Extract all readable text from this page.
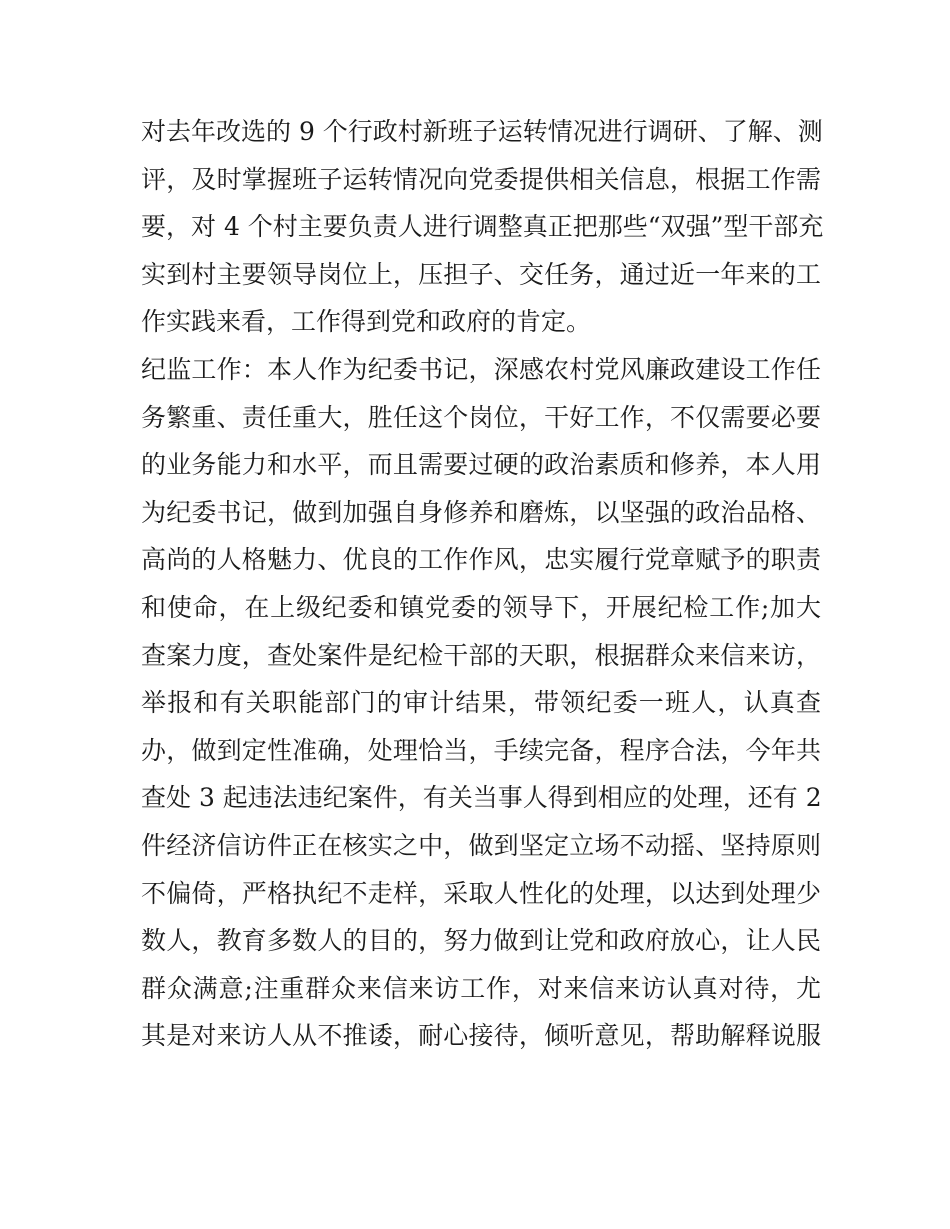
对去年改选的 9 个行政村新班子运转情况进行调研、了解、测
评，及时掌握班子运转情况向党委提供相关信息，根据工作需
要，对 4 个村主要负责人进行调整真正把那些“双强”型干部充
实到村主要领导岗位上，压担子、交任务，通过近一年来的工
作实践来看，工作得到党和政府的肯定。
纪监工作：本人作为纪委书记，深感农村党风廉政建设工作任
务繁重、责任重大，胜任这个岗位，干好工作，不仅需要必要
的业务能力和水平，而且需要过硬的政治素质和修养，本人用
为纪委书记，做到加强自身修养和磨炼，以坚强的政治品格、
高尚的人格魅力、优良的工作作风，忠实履行党章赋予的职责
和使命，在上级纪委和镇党委的领导下，开展纪检工作;加大
查案力度，查处案件是纪检干部的天职，根据群众来信来访，
举报和有关职能部门的审计结果，带领纪委一班人，认真查
办，做到定性准确，处理恰当，手续完备，程序合法，今年共
查处 3 起违法违纪案件，有关当事人得到相应的处理，还有 2
件经济信访件正在核实之中，做到坚定立场不动摇、坚持原则
不偏倚，严格执纪不走样，采取人性化的处理，以达到处理少
数人，教育多数人的目的，努力做到让党和政府放心，让人民
群众满意;注重群众来信来访工作，对来信来访认真对待，尤
其是对来访人从不推诿，耐心接待，倾听意见，帮助解释说服
